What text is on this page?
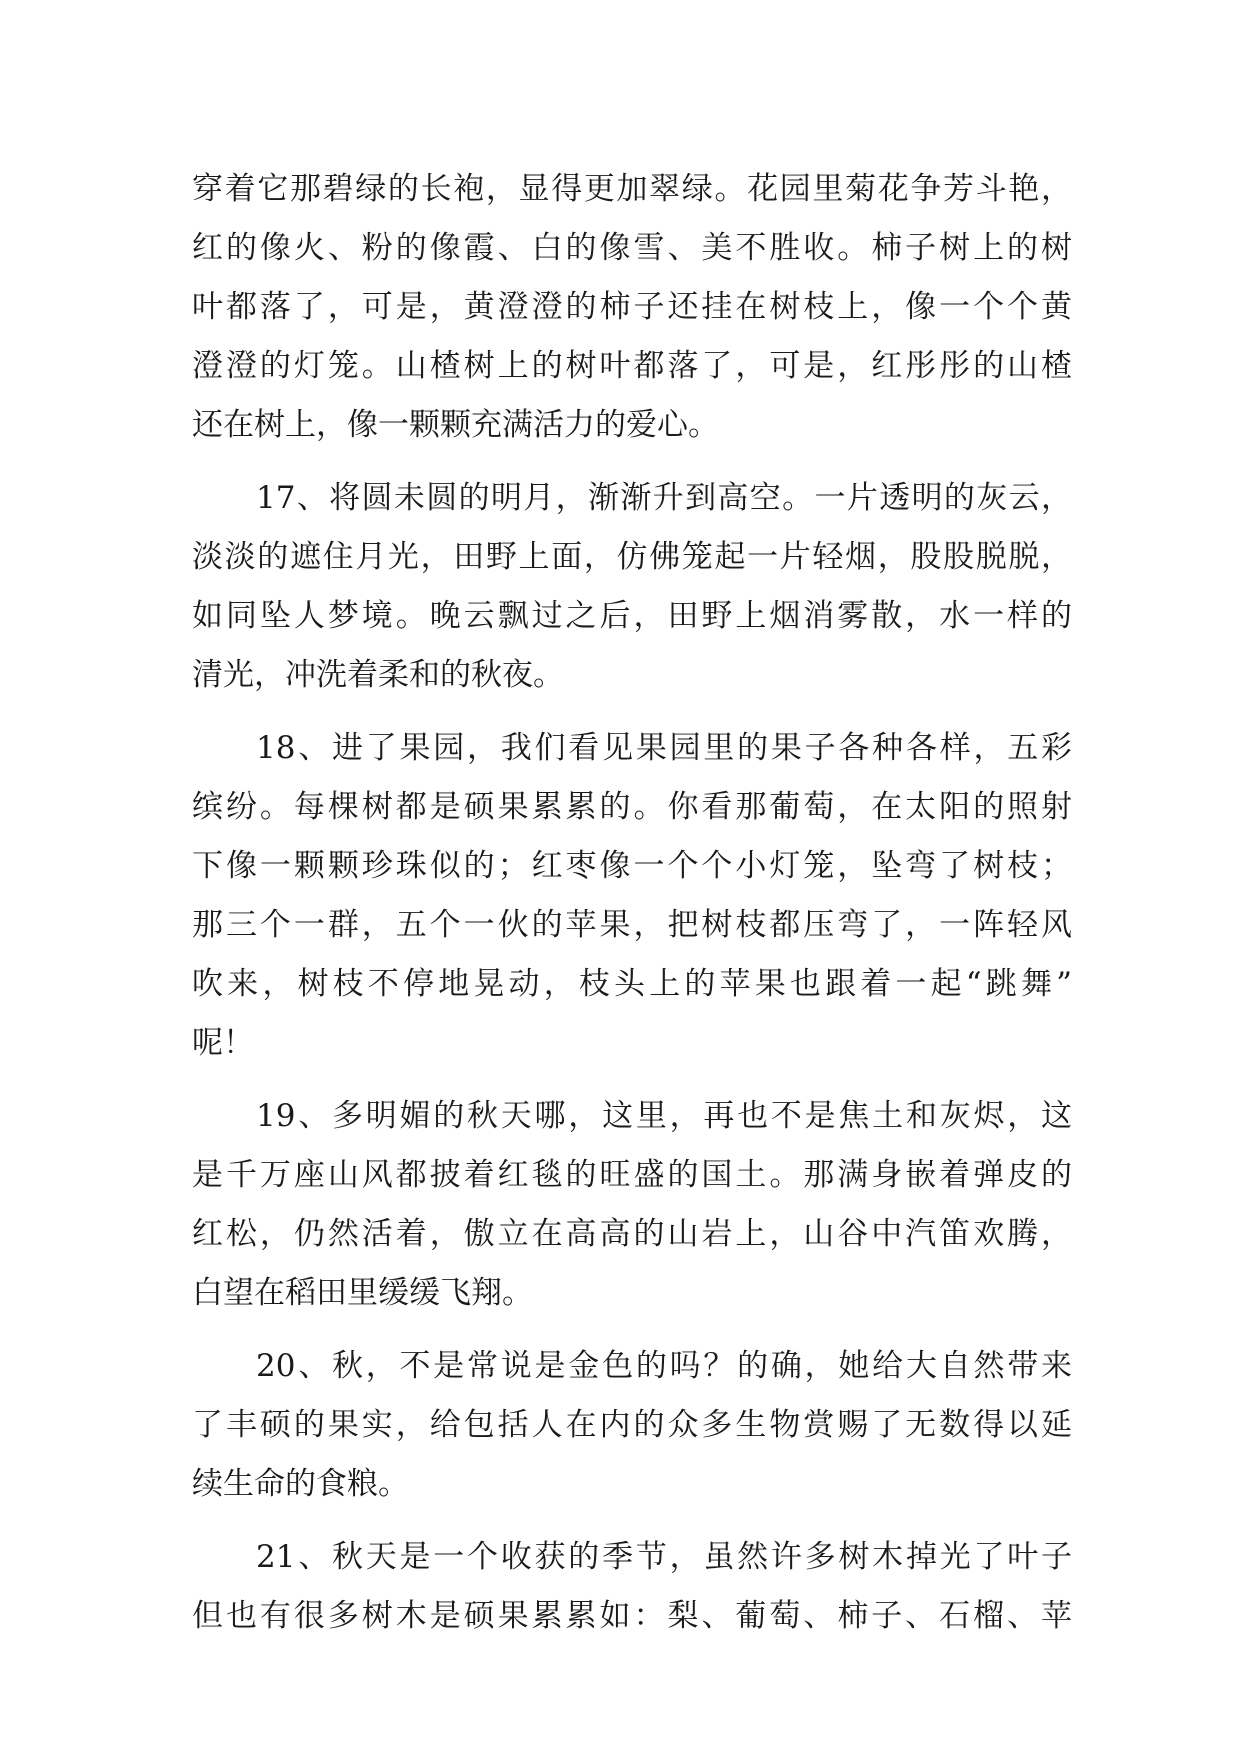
穿着它那碧绿的长袍，显得更加翠绿。花园里菊花争芳斗艳，
红的像火、粉的像霞、白的像雪、美不胜收。柿子树上的树
叶都落了，可是，黄澄澄的柿子还挂在树枝上，像一个个黄
澄澄的灯笼。山楂树上的树叶都落了，可是，红彤彤的山楂
还在树上，像一颗颗充满活力的爱心。
17、将圆未圆的明月，渐渐升到高空。一片透明的灰云，
淡淡的遮住月光，田野上面，仿佛笼起一片轻烟，股股脱脱，
如同坠人梦境。晚云飘过之后，田野上烟消雾散，水一样的
清光，冲洗着柔和的秋夜。
18、进了果园，我们看见果园里的果子各种各样，五彩
缤纷。每棵树都是硕果累累的。你看那葡萄，在太阳的照射
下像一颗颗珍珠似的；红枣像一个个小灯笼，坠弯了树枝；
那三个一群，五个一伙的苹果，把树枝都压弯了，一阵轻风
吹来，树枝不停地晃动，枝头上的苹果也跟着一起“跳舞”
呢！
19、多明媚的秋天哪，这里，再也不是焦土和灰烬，这
是千万座山风都披着红毯的旺盛的国土。那满身嵌着弹皮的
红松，仍然活着，傲立在高高的山岩上，山谷中汽笛欢腾，
白望在稻田里缓缓飞翔。
20、秋，不是常说是金色的吗？的确，她给大自然带来
了丰硕的果实，给包括人在内的众多生物赏赐了无数得以延
续生命的食粮。
21、秋天是一个收获的季节，虽然许多树木掉光了叶子
但也有很多树木是硕果累累如：梨、葡萄、柿子、石榴、苹
